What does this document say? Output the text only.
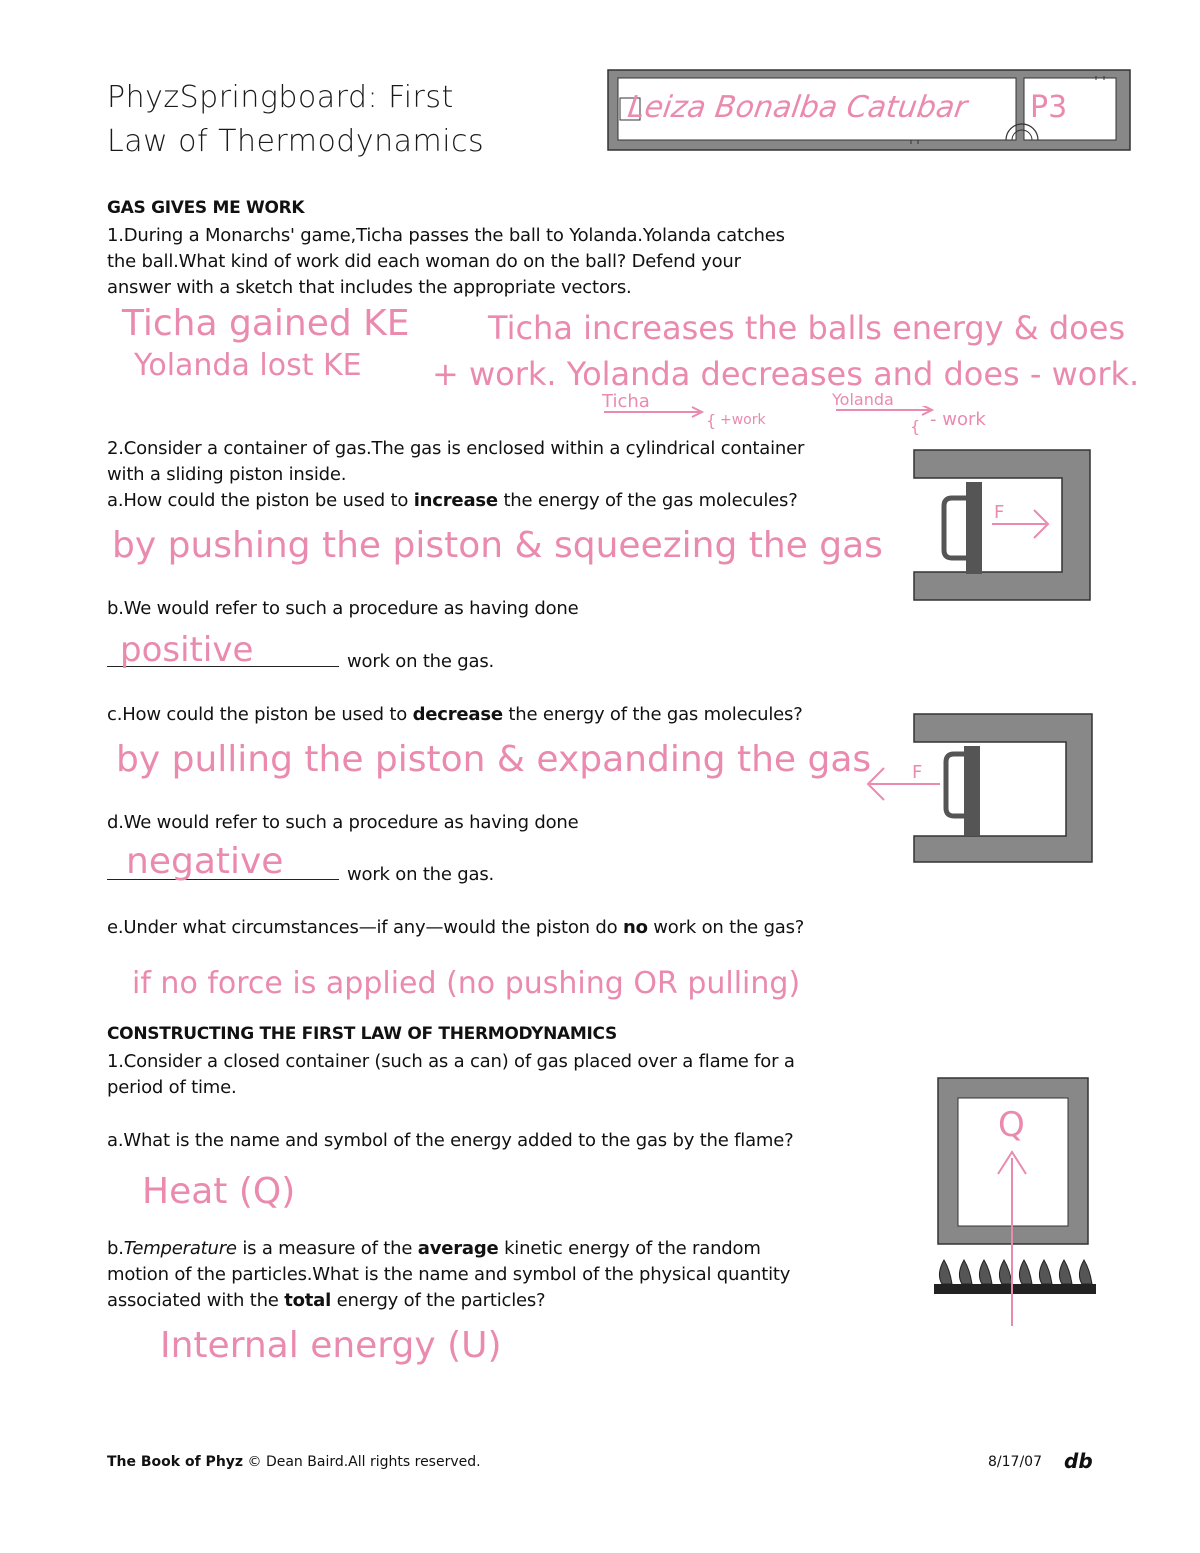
PhyzSpringboard: First
Law of Thermodynamics
Leiza Bonalba Catubar P3
GAS GIVES ME WORK
1.During a Monarchs' game,Ticha passes the ball to Yolanda.Yolanda catches
the ball.What kind of work did each woman do on the ball? Defend your
answer with a sketch that includes the appropriate vectors.
Ticha gained KE
Yolanda lost KE
Ticha increases the balls energy & does
+ work. Yolanda decreases and does - work.
Ticha
+work
Yolanda
- work
{	{
2.Consider a container of gas.The gas is enclosed within a cylindrical container
with a sliding piston inside.
a.How could the piston be used to increase the energy of the gas molecules?
by pushing the piston & squeezing the gas
F
b.We would refer to such a procedure as having done
work on the gas.
positive
c.How could the piston be used to decrease the energy of the gas molecules?
by pulling the piston & expanding the gas F
d.We would refer to such a procedure as having done
work on the gas.
negative
e.Under what circumstances—if any—would the piston do no work on the gas?
if no force is applied (no pushing OR pulling)
CONSTRUCTING THE FIRST LAW OF THERMODYNAMICS
1.Consider a closed container (such as a can) of gas placed over a flame for a
period of time.
a.What is the name and symbol of the energy added to the gas by the flame?
Heat (Q)
b.Temperature is a measure of the average kinetic energy of the random
motion of the particles.What is the name and symbol of the physical quantity
associated with the total energy of the particles?
Internal energy (U)
Q
The Book of Phyz © Dean Baird.All rights reserved.	8/17/07 db
